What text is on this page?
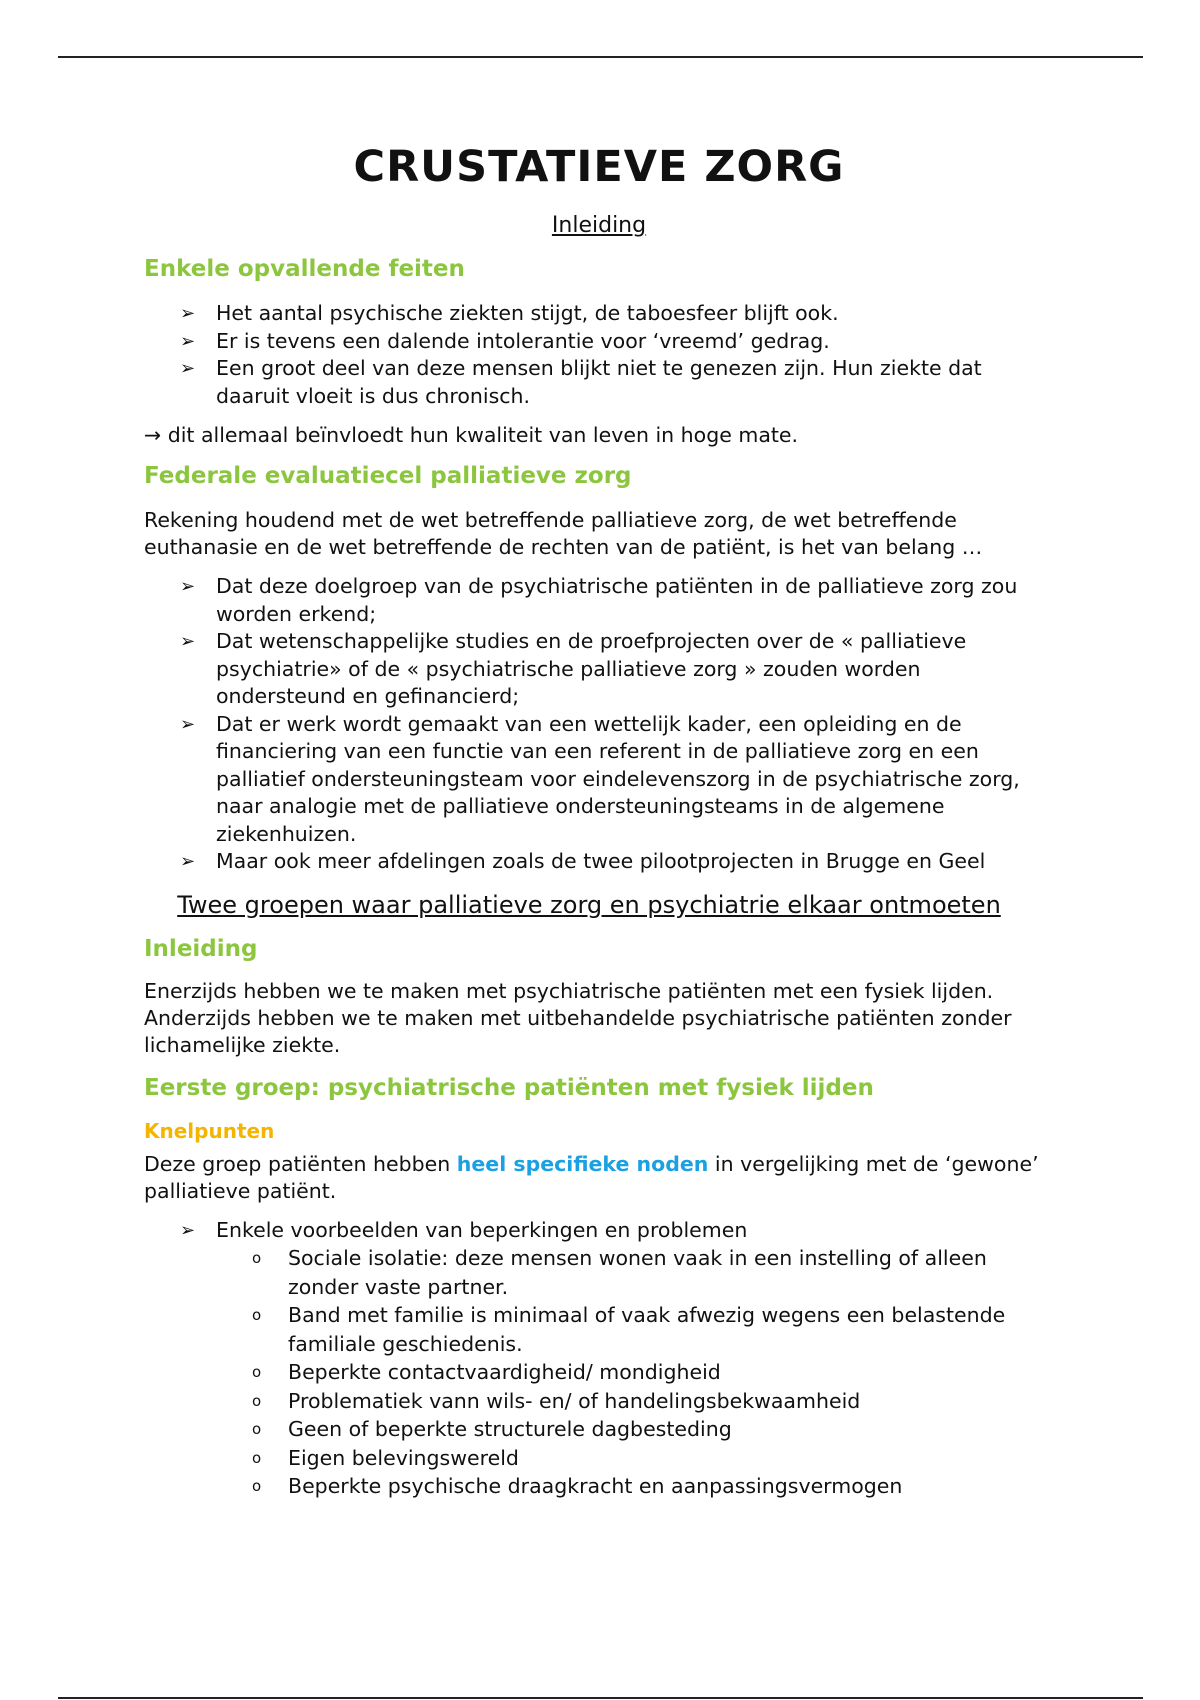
CRUSTATIEVE ZORG

Inleiding

Enkele opvallende feiten
➢ Het aantal psychische ziekten stijgt, de taboesfeer blijft ook.
➢ Er is tevens een dalende intolerantie voor ‘vreemd’ gedrag.
➢ Een groot deel van deze mensen blijkt niet te genezen zijn. Hun ziekte dat daaruit vloeit is dus chronisch.

→ dit allemaal beïnvloedt hun kwaliteit van leven in hoge mate.

Federale evaluatiecel palliatieve zorg

Rekening houdend met de wet betreffende palliatieve zorg, de wet betreffende euthanasie en de wet betreffende de rechten van de patiënt, is het van belang …

➢ Dat deze doelgroep van de psychiatrische patiënten in de palliatieve zorg zou worden erkend;
➢ Dat wetenschappelijke studies en de proefprojecten over de « palliatieve psychiatrie» of de « psychiatrische palliatieve zorg » zouden worden ondersteund en gefinancierd;
➢ Dat er werk wordt gemaakt van een wettelijk kader, een opleiding en de financiering van een functie van een referent in de palliatieve zorg en een palliatief ondersteuningsteam voor eindelevenszorg in de psychiatrische zorg, naar analogie met de palliatieve ondersteuningsteams in de algemene ziekenhuizen.
➢ Maar ook meer afdelingen zoals de twee pilootprojecten in Brugge en Geel

Twee groepen waar palliatieve zorg en psychiatrie elkaar ontmoeten

Inleiding

Enerzijds hebben we te maken met psychiatrische patiënten met een fysiek lijden. Anderzijds hebben we te maken met uitbehandelde psychiatrische patiënten zonder lichamelijke ziekte.

Eerste groep: psychiatrische patiënten met fysiek lijden
Knelpunten

Deze groep patiënten hebben heel specifieke noden in vergelijking met de ‘gewone’ palliatieve patiënt.

➢ Enkele voorbeelden van beperkingen en problemen
o Sociale isolatie: deze mensen wonen vaak in een instelling of alleen zonder vaste partner.
o Band met familie is minimaal of vaak afwezig wegens een belastende familiale geschiedenis.
o Beperkte contactvaardigheid/ mondigheid
o Problematiek vann wils- en/ of handelingsbekwaamheid
o Geen of beperkte structurele dagbesteding
o Eigen belevingswereld
o Beperkte psychische draagkracht en aanpassingsvermogen
